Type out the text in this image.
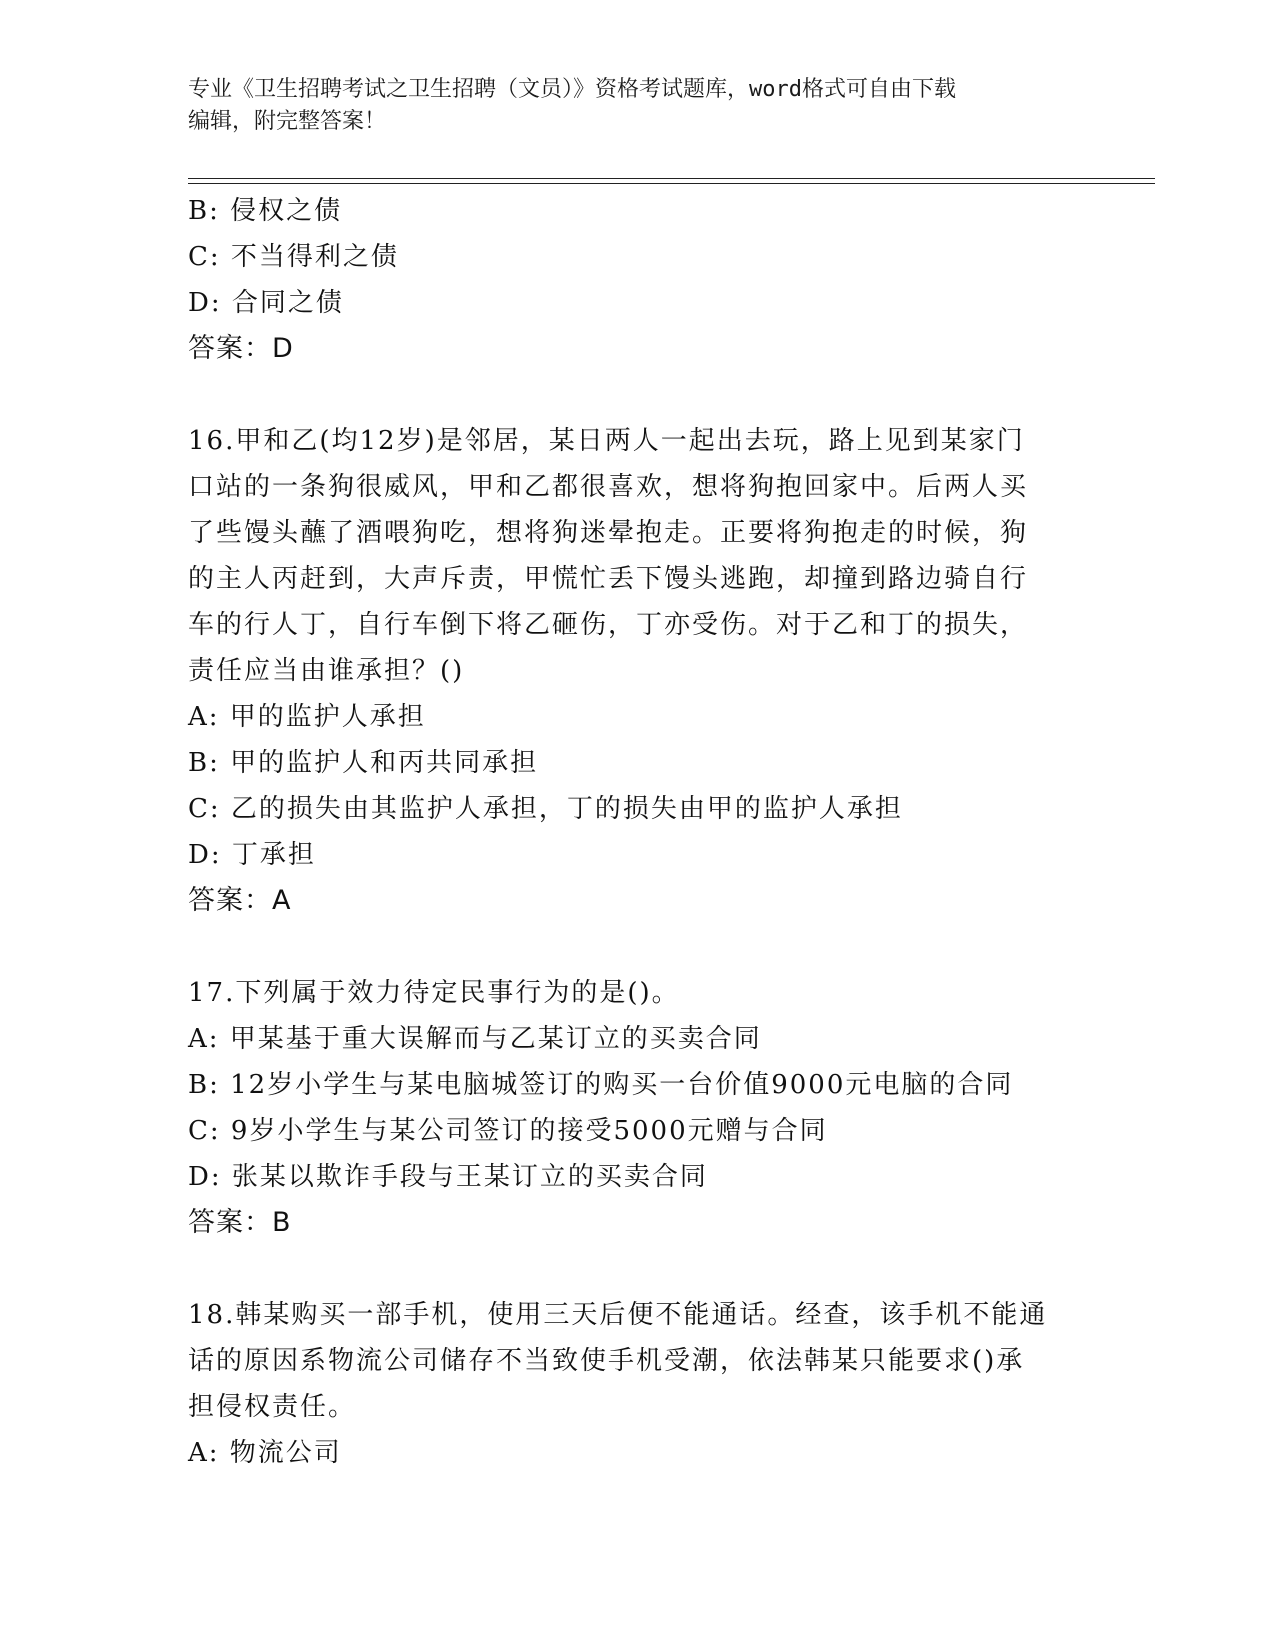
专业《卫生招聘考试之卫生招聘（文员）》资格考试题库，word格式可自由下载
编辑，附完整答案！
B: 侵权之债
C: 不当得利之债
D: 合同之债
答案：D
16.甲和乙(均12岁)是邻居，某日两人一起出去玩，路上见到某家门
口站的一条狗很威风，甲和乙都很喜欢，想将狗抱回家中。后两人买
了些馒头蘸了酒喂狗吃，想将狗迷晕抱走。正要将狗抱走的时候，狗
的主人丙赶到，大声斥责，甲慌忙丢下馒头逃跑，却撞到路边骑自行
车的行人丁，自行车倒下将乙砸伤，丁亦受伤。对于乙和丁的损失，
责任应当由谁承担？()
A: 甲的监护人承担
B: 甲的监护人和丙共同承担
C: 乙的损失由其监护人承担，丁的损失由甲的监护人承担
D: 丁承担
答案：A
17.下列属于效力待定民事行为的是()。
A: 甲某基于重大误解而与乙某订立的买卖合同
B: 12岁小学生与某电脑城签订的购买一台价值9000元电脑的合同
C: 9岁小学生与某公司签订的接受5000元赠与合同
D: 张某以欺诈手段与王某订立的买卖合同
答案：B
18.韩某购买一部手机，使用三天后便不能通话。经查，该手机不能通
话的原因系物流公司储存不当致使手机受潮，依法韩某只能要求()承
担侵权责任。
A: 物流公司
